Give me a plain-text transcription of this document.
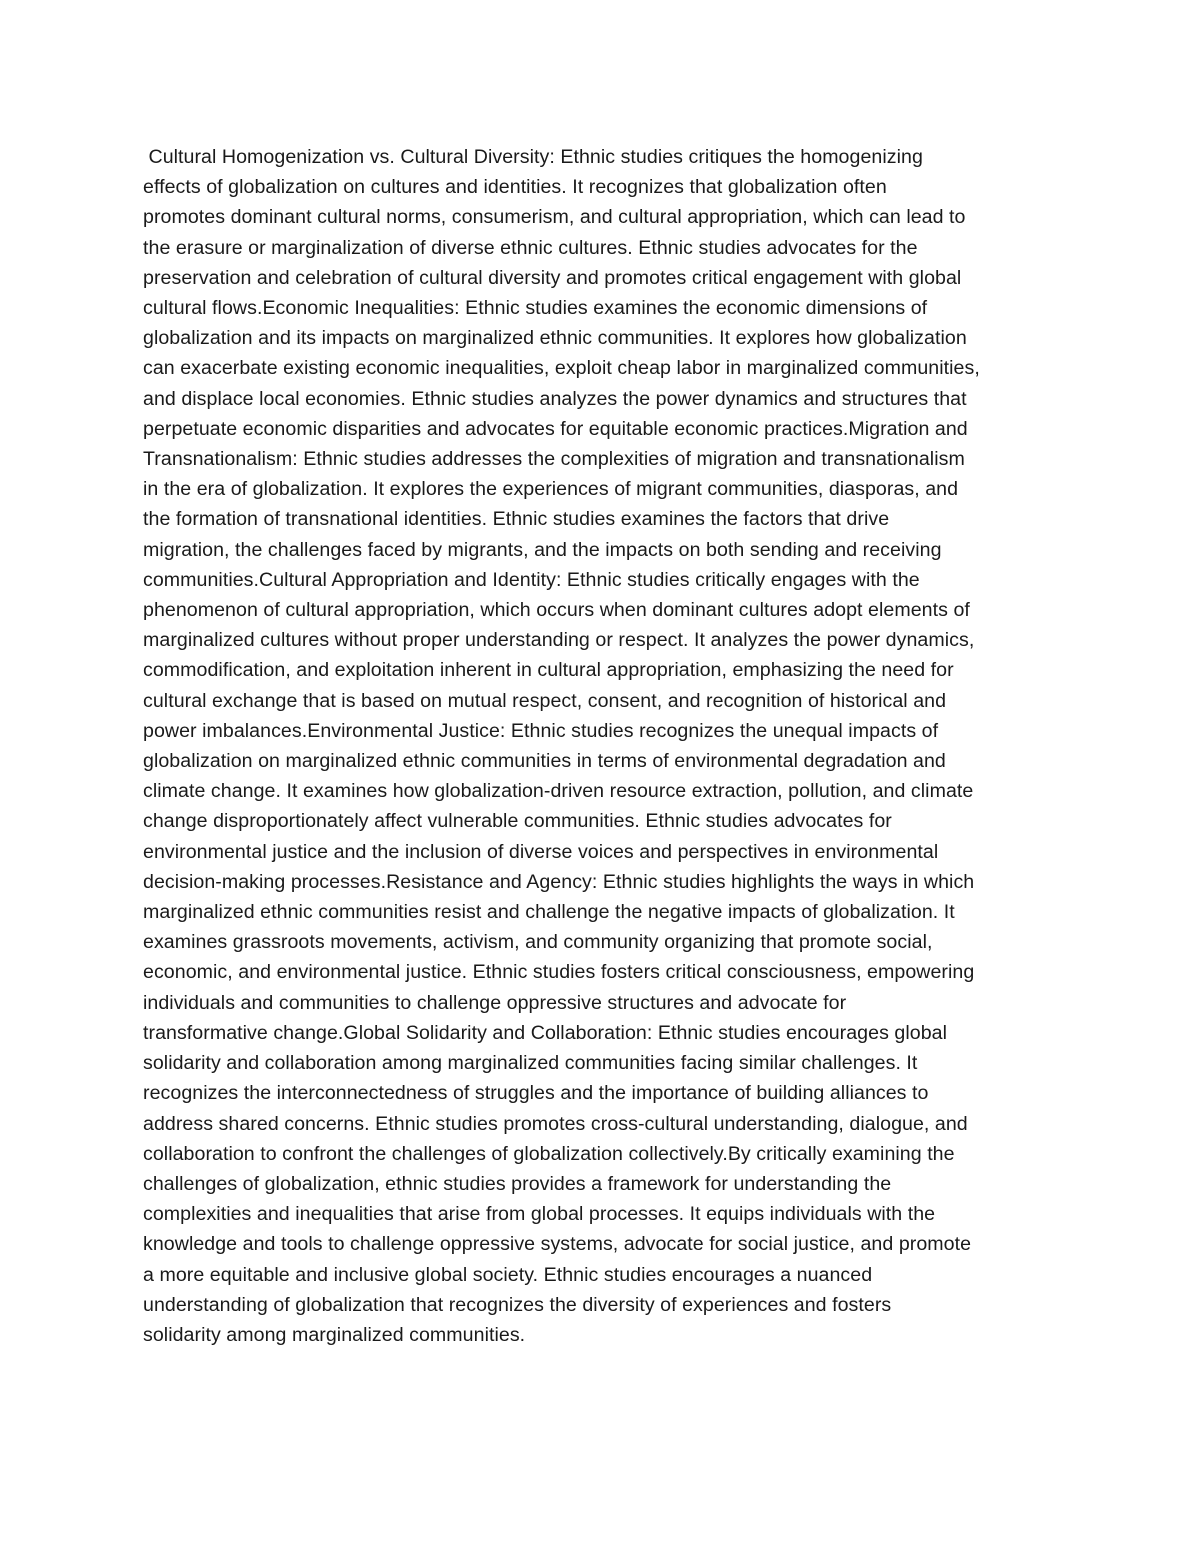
Cultural Homogenization vs. Cultural Diversity: Ethnic studies critiques the homogenizing
effects of globalization on cultures and identities. It recognizes that globalization often
promotes dominant cultural norms, consumerism, and cultural appropriation, which can lead to
the erasure or marginalization of diverse ethnic cultures. Ethnic studies advocates for the
preservation and celebration of cultural diversity and promotes critical engagement with global
cultural flows.Economic Inequalities: Ethnic studies examines the economic dimensions of
globalization and its impacts on marginalized ethnic communities. It explores how globalization
can exacerbate existing economic inequalities, exploit cheap labor in marginalized communities,
and displace local economies. Ethnic studies analyzes the power dynamics and structures that
perpetuate economic disparities and advocates for equitable economic practices.Migration and
Transnationalism: Ethnic studies addresses the complexities of migration and transnationalism
in the era of globalization. It explores the experiences of migrant communities, diasporas, and
the formation of transnational identities. Ethnic studies examines the factors that drive
migration, the challenges faced by migrants, and the impacts on both sending and receiving
communities.Cultural Appropriation and Identity: Ethnic studies critically engages with the
phenomenon of cultural appropriation, which occurs when dominant cultures adopt elements of
marginalized cultures without proper understanding or respect. It analyzes the power dynamics,
commodification, and exploitation inherent in cultural appropriation, emphasizing the need for
cultural exchange that is based on mutual respect, consent, and recognition of historical and
power imbalances.Environmental Justice: Ethnic studies recognizes the unequal impacts of
globalization on marginalized ethnic communities in terms of environmental degradation and
climate change. It examines how globalization-driven resource extraction, pollution, and climate
change disproportionately affect vulnerable communities. Ethnic studies advocates for
environmental justice and the inclusion of diverse voices and perspectives in environmental
decision-making processes.Resistance and Agency: Ethnic studies highlights the ways in which
marginalized ethnic communities resist and challenge the negative impacts of globalization. It
examines grassroots movements, activism, and community organizing that promote social,
economic, and environmental justice. Ethnic studies fosters critical consciousness, empowering
individuals and communities to challenge oppressive structures and advocate for
transformative change.Global Solidarity and Collaboration: Ethnic studies encourages global
solidarity and collaboration among marginalized communities facing similar challenges. It
recognizes the interconnectedness of struggles and the importance of building alliances to
address shared concerns. Ethnic studies promotes cross-cultural understanding, dialogue, and
collaboration to confront the challenges of globalization collectively.By critically examining the
challenges of globalization, ethnic studies provides a framework for understanding the
complexities and inequalities that arise from global processes. It equips individuals with the
knowledge and tools to challenge oppressive systems, advocate for social justice, and promote
a more equitable and inclusive global society. Ethnic studies encourages a nuanced
understanding of globalization that recognizes the diversity of experiences and fosters
solidarity among marginalized communities.
